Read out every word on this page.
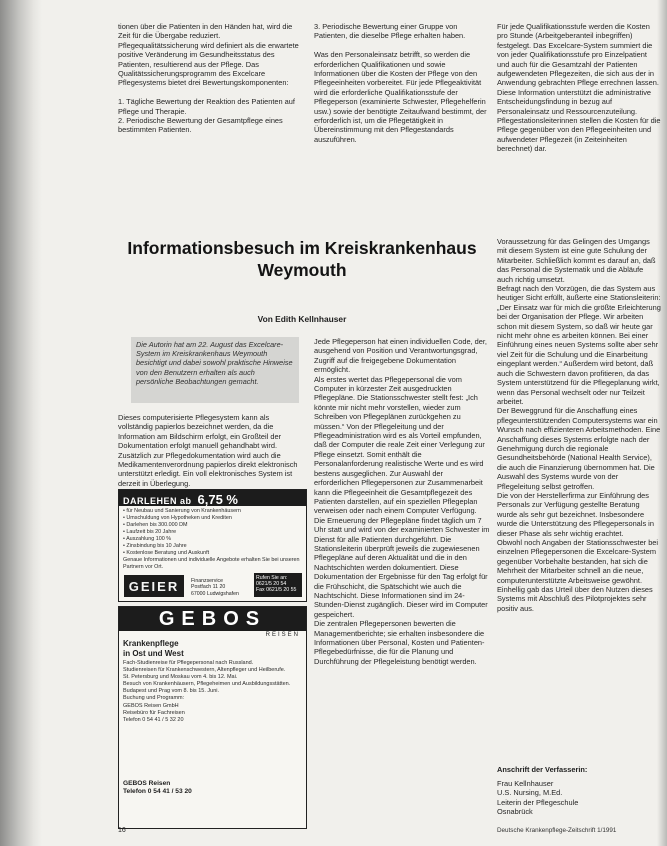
tionen über die Patienten in den Händen hat, wird die Zeit für die Übergabe reduziert.
Pflegequalitätssicherung wird definiert als die erwartete positive Veränderung im Gesundheitsstatus des Patienten, resultierend aus der Pflege. Das Qualitätssicherungsprogramm des Excelcare Pflegesystems bietet drei Bewertungskomponenten:

1. Tägliche Bewertung der Reaktion des Patienten auf Pflege und Therapie.
2. Periodische Bewertung der Gesamtpflege eines bestimmten Patienten.

3. Periodische Bewertung einer Gruppe von Patienten, die dieselbe Pflege erhalten haben.

Was den Personaleinsatz betrifft, so werden die erforderlichen Qualifikationen und sowie Informationen über die Kosten der Pflege von den Pflegeeinheiten vorbereitet. Für jede Pflegeaktivität wird die erforderliche Qualifikationsstufe der Pflegeperson (examinierte Schwester, Pflegehelferin usw.) sowie der benötigte Zeitaufwand bestimmt, der erforderlich ist, um die Pflegetätigkeit in Übereinstimmung mit den Pflegestandards auszuführen.

Für jede Qualifikationsstufe werden die Kosten pro Stunde (Arbeitgeberanteil inbegriffen) festgelegt. Das Excelcare-System summiert die von jeder Qualifikationsstufe pro Einzelpatient und auch für die Gesamtzahl der Patienten aufgewendeten Pflegezeiten, die sich aus der in Anwendung gebrachten Pflege errechnen lassen. Diese Information unterstützt die administrative Entscheidungsfindung in bezug auf Personaleinsatz und Ressourcenzuteilung. Pflegestationsleiterinnen stellen die Kosten für die Pflege gegenüber von den Pflegeeinheiten und aufwendeter Pflegezeit (in Zeiteinheiten berechnet) dar.

Informationsbesuch im Kreiskrankenhaus Weymouth

Von Edith Kellnhauser

Die Autorin hat am 22. August das Excelcare-System im Kreiskrankenhaus Weymouth besichtigt und dabei sowohl praktische Hinweise von den Benutzern erhalten als auch persönliche Beobachtungen gemacht.

Dieses computerisierte Pflegesystem kann als vollständig papierlos bezeichnet werden, da die Information am Bildschirm erfolgt, ein Großteil der Dokumentation erfolgt manuell gehandhabt wird. Zusätzlich zur Pflegedokumentation wird auch die Medikamentenverordnung papierlos direkt elektronisch unterstützt erledigt. Ein voll elektronisches System ist derzeit in Überlegung.

Jede Pflegeperson hat einen individuellen Code, der, ausgehend von Position und Verantwortungsgrad, Zugriff auf die freigegebene Dokumentation ermöglicht.
Als erstes wertet das Pflegepersonal die vom Computer in kürzester Zeit ausgedruckten Pflegepläne. Die Stationsschwester stellt fest: „Ich könnte mir nicht mehr vorstellen, wieder zum Schreiben von Pflegeplänen zurückgehen zu müssen.“ Von der Pflegeleitung und der Pflegeadministration wird es als Vorteil empfunden, daß der Computer die reale Zeit einer Verlegung zur Pflege einsetzt. Somit enthält die Personalanforderung realistische Werte und es wird bestens ausgeglichen. Zur Auswahl der erforderlichen Pflegepersonen zur Zusammenarbeit kann die Pflegeeinheit die Gesamtpflegezeit des Patienten darstellen, auf ein speziellen Pflegeplan verweisen oder nach einem Computer Verfügung.
Die Erneuerung der Pflegepläne findet täglich um 7 Uhr statt und wird von der examinierten Schwester im Dienst für alle Patienten durchgeführt. Die Stationsleiterin überprüft jeweils die zugewiesenen Pflegepläne auf deren Aktualität und die in den Nachtschichten werden dokumentiert. Diese Dokumentation der Ergebnisse für den Tag erfolgt für die Frühschicht, die Spätschicht wie auch die Nachtschicht. Diese Informationen sind im 24-Stunden-Dienst zugänglich. Dieser wird im Computer gespeichert.
Die zentralen Pflegepersonen bewerten die Managementberichte; sie erhalten insbesondere die Informationen über Personal, Kosten und Patienten-Pflegebedürfnisse, die für die Planung und Durchführung der Pflegeleistung benötigt werden.

Voraussetzung für das Gelingen des Umgangs mit diesem System ist eine gute Schulung der Mitarbeiter. Schließlich kommt es darauf an, daß das Personal die Systematik und die Abläufe auch richtig umsetzt.
Befragt nach den Vorzügen, die das System aus heutiger Sicht erfüllt, äußerte eine Stationsleiterin: „Der Einsatz war für mich die größte Erleichterung bei der Organisation der Pflege. Wir arbeiten schon mit diesem System, so daß wir heute gar nicht mehr ohne es arbeiten können. Bei einer Einführung eines neuen Systems sollte aber sehr viel Zeit für die Schulung und die Einarbeitung eingeplant werden.“ Außerdem wird betont, daß auch die Schwestern davon profitieren, da das System unterstützend für die Pflegeplanung wirkt, wenn das Personal wechselt oder nur Teilzeit arbeitet.
Der Beweggrund für die Anschaffung eines pflegeunterstützenden Computersystems war ein Wunsch nach effizienteren Arbeitsmethoden. Eine Anschaffung dieses Systems erfolgte nach der Genehmigung durch die regionale Gesundheitsbehörde (National Health Service), die auch die Finanzierung übernommen hat. Die Auswahl des Systems wurde von der Pflegeleitung selbst getroffen.
Die von der Herstellerfirma zur Einführung des Personals zur Verfügung gestellte Beratung wurde als sehr gut bezeichnet. Insbesondere wurde die Unterstützung des Pflegepersonals in dieser Phase als sehr wichtig erachtet.
Obwohl noch Angaben der Stationsschwester bei einzelnen Pflegepersonen die Excelcare-System gegenüber Vorbehalte bestanden, hat sich die Mehrheit der Mitarbeiter schnell an die neue, computerunterstützte Arbeitsweise gewöhnt. Einhellig gab das Urteil über den Nutzen dieses Systems mit Abschluß des Pilotprojektes sehr positiv aus.

Anschrift der Verfasserin:

Frau Kellnhauser
U.S. Nursing, M.Ed.
Leiterin der Pflegeschule
Osnabrück

DARLEHEN ab 6,75 %

• für Neubau und Sanierung von Krankenhäusern
• Umschuldung von Hypotheken und Krediten
• Darlehen bis 300.000 DM
• Laufzeit bis 20 Jahre
• Auszahlung 100 %
• Zinsbindung bis 10 Jahre
• Kostenlose Beratung und Auskunft
Genaue Informationen und individuelle Angebote erhalten Sie bei unseren Partnern vor Ort.

GEIER	Finanzservice
Postfach 11 20
67000 Ludwigshafen

Rufen Sie an:
0621/5 20 54
Fax 0621/5 20 55

GEBOS
REISEN

Krankenpflege
in Ost und West

Fach-Studienreise für Pflegepersonal nach Russland.
Studienreisen für Krankenschwestern, Altenpfleger und Heilberufe.
St. Petersburg und Moskau vom 4. bis 12. Mai.
Besuch von Krankenhäusern, Pflegeheimen und Ausbildungsstätten.
Budapest und Prag vom 8. bis 15. Juni.
Buchung und Programm:
GEBOS Reisen GmbH
Reisebüro für Fachreisen
Telefon 0 54 41 / 5 32 20

GEBOS Reisen
Telefon 0 54 41 / 53 20

16	Deutsche Krankenpflege-Zeitschrift 1/1991
